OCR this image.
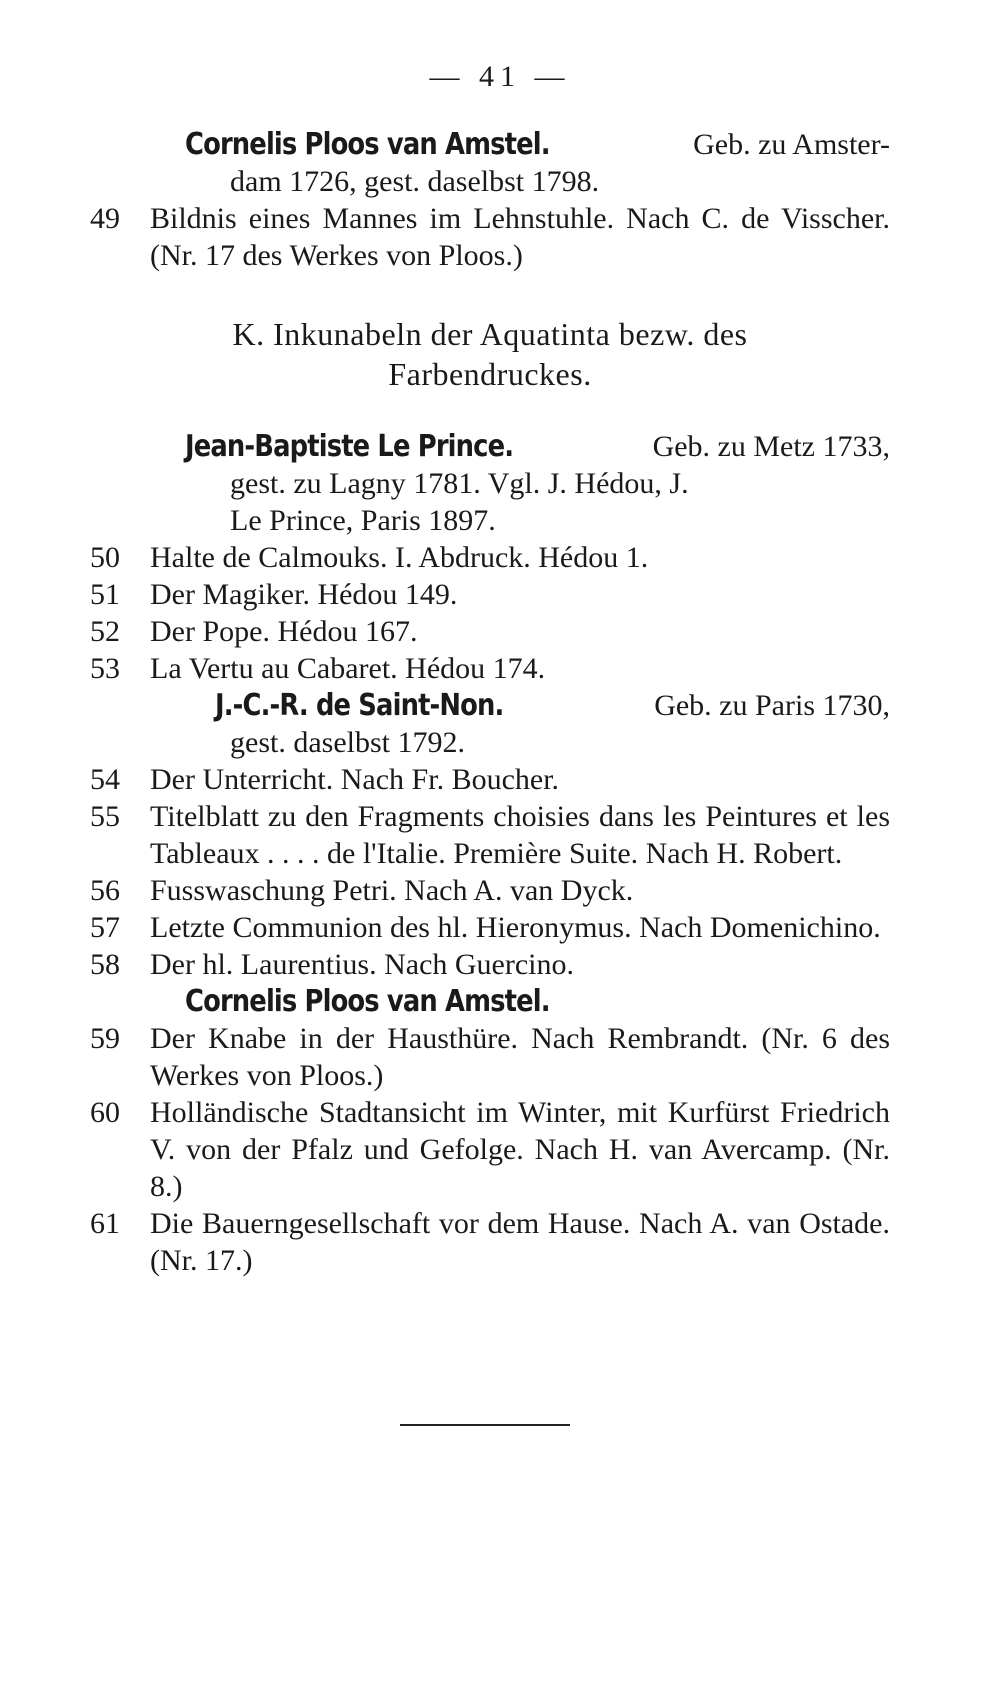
— 41 —
Cornelis Ploos van Amstel.	Geb. zu Amster-
dam 1726, gest. daselbst 1798.
49	Bildnis eines Mannes im Lehnstuhle. Nach C. de Visscher. (Nr. 17 des Werkes von Ploos.)
K. Inkunabeln der Aquatinta bezw. des
Farbendruckes.
Jean-Baptiste Le Prince.	Geb. zu Metz 1733,
gest. zu Lagny 1781. Vgl. J. Hédou, J.
Le Prince, Paris 1897.
50	Halte de Calmouks. I. Abdruck. Hédou 1.
51	Der Magiker. Hédou 149.
52	Der Pope. Hédou 167.
53	La Vertu au Cabaret. Hédou 174.
J.-C.-R. de Saint-Non.	Geb. zu Paris 1730,
gest. daselbst 1792.
54	Der Unterricht. Nach Fr. Boucher.
55	Titelblatt zu den Fragments choisies dans les Peintures et les Tableaux . . . . de l'Italie. Première Suite. Nach H. Robert.
56	Fusswaschung Petri. Nach A. van Dyck.
57	Letzte Communion des hl. Hieronymus. Nach Domenichino.
58	Der hl. Laurentius. Nach Guercino.
Cornelis Ploos van Amstel.
59	Der Knabe in der Hausthüre. Nach Rembrandt. (Nr. 6 des Werkes von Ploos.)
60	Holländische Stadtansicht im Winter, mit Kurfürst Friedrich V. von der Pfalz und Gefolge. Nach H. van Avercamp. (Nr. 8.)
61	Die Bauerngesellschaft vor dem Hause. Nach A. van Ostade. (Nr. 17.)
